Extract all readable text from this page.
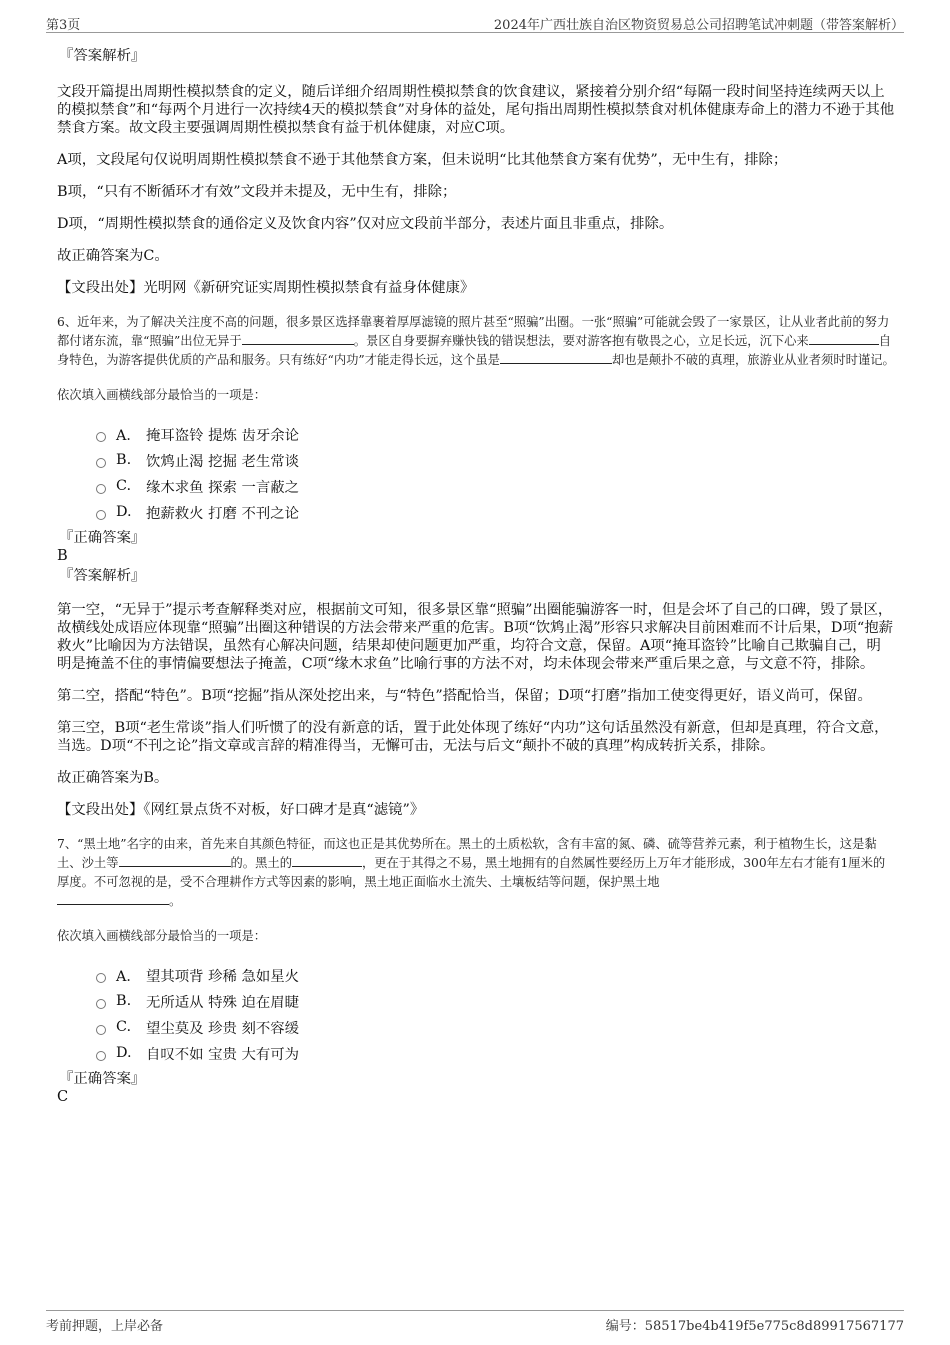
第3页	2024年广西壮族自治区物资贸易总公司招聘笔试冲刺题（带答案解析）

『答案解析』

文段开篇提出周期性模拟禁食的定义，随后详细介绍周期性模拟禁食的饮食建议，紧接着分别介绍“每隔一段时间坚持连续两天以上的模拟禁食”和“每两个月进行一次持续4天的模拟禁食”对身体的益处，尾句指出周期性模拟禁食对机体健康寿命上的潜力不逊于其他禁食方案。故文段主要强调周期性模拟禁食有益于机体健康，对应C项。

A项，文段尾句仅说明周期性模拟禁食不逊于其他禁食方案，但未说明“比其他禁食方案有优势”，无中生有，排除；

B项，“只有不断循环才有效”文段并未提及，无中生有，排除；

D项，“周期性模拟禁食的通俗定义及饮食内容”仅对应文段前半部分，表述片面且非重点，排除。

故正确答案为C。

【文段出处】光明网《新研究证实周期性模拟禁食有益身体健康》

6、近年来，为了解决关注度不高的问题，很多景区选择靠裹着厚厚滤镜的照片甚至“照骗”出圈。一张“照骗”可能就会毁了一家景区，让从业者此前的努力都付诸东流，靠“照骗”出位无异于	。景区自身要摒弃赚快钱的错误想法，要对游客抱有敬畏之心，立足长远，沉下心来	自身特色，为游客提供优质的产品和服务。只有练好“内功”才能走得长远，这个虽是	却也是颠扑不破的真理，旅游业从业者须时时谨记。

依次填入画横线部分最恰当的一项是：

A． 掩耳盗铃 提炼 齿牙余论
B.	饮鸩止渴 挖掘 老生常谈
C.	缘木求鱼 探索 一言蔽之
D. 抱薪救火 打磨 不刊之论

『正确答案』

B

『答案解析』

第一空，“无异于”提示考查解释类对应，根据前文可知，很多景区靠“照骗”出圈能骗游客一时，但是会坏了自己的口碑，毁了景区，故横线处成语应体现靠“照骗”出圈这种错误的方法会带来严重的危害。B项“饮鸩止渴”形容只求解决目前困难而不计后果，D项“抱薪救火”比喻因为方法错误，虽然有心解决问题，结果却使问题更加严重，均符合文意，保留。A项“掩耳盗铃”比喻自己欺骗自己，明明是掩盖不住的事情偏要想法子掩盖，C项“缘木求鱼”比喻行事的方法不对，均未体现会带来严重后果之意，与文意不符，排除。

第二空，搭配“特色”。B项“挖掘”指从深处挖出来，与“特色”搭配恰当，保留；D项“打磨”指加工使变得更好，语义尚可，保留。

第三空，B项“老生常谈”指人们听惯了的没有新意的话，置于此处体现了练好“内功”这句话虽然没有新意，但却是真理，符合文意，当选。D项“不刊之论”指文章或言辞的精准得当，无懈可击，无法与后文“颠扑不破的真理”构成转折关系，排除。

故正确答案为B。

【文段出处】《网红景点货不对板，好口碑才是真“滤镜”》

7、“黑土地”名字的由来，首先来自其颜色特征，而这也正是其优势所在。黑土的土质松软，含有丰富的氮、磷、硫等营养元素，利于植物生长，这是黏土、沙土等	的。黑土的	，更在于其得之不易，黑土地拥有的自然属性要经历上万年才能形成，300年左右才能有1厘米的厚度。不可忽视的是，受不合理耕作方式等因素的影响，黑土地正面临水土流失、土壤板结等问题，保护黑土地
。

依次填入画横线部分最恰当的一项是：

A． 望其项背 珍稀 急如星火
B.	无所适从 特殊 迫在眉睫
C.	望尘莫及 珍贵 刻不容缓
D. 自叹不如 宝贵 大有可为

『正确答案』

C

考前押题，上岸必备	编号：58517be4b419f5e775c8d89917567177
